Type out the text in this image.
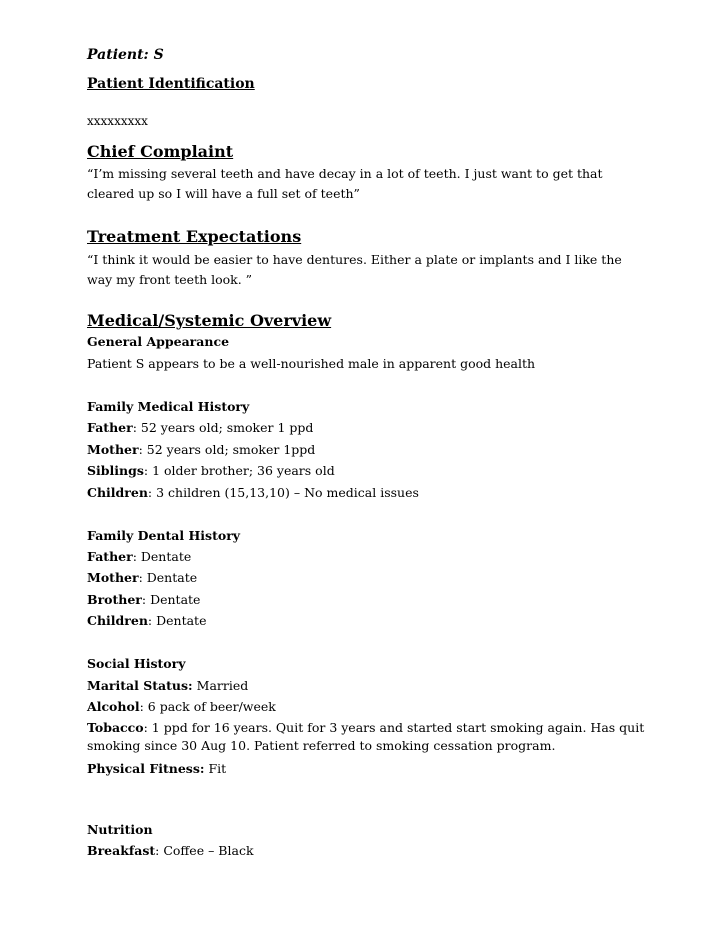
Patient: S
Patient Identification
xxxxxxxxx
Chief Complaint
“I’m missing several teeth and have decay in a lot of teeth. I just want to get that cleared up so I will have a full set of teeth”
Treatment Expectations
“I think it would be easier to have dentures. Either a plate or implants and I like the way my front teeth look. ”
Medical/Systemic Overview
General Appearance
Patient S appears to be a well-nourished male in apparent good health
Family Medical History
Father: 52 years old; smoker 1 ppd
Mother: 52 years old; smoker 1ppd
Siblings: 1 older brother; 36 years old
Children: 3 children (15,13,10) – No medical issues
Family Dental History
Father: Dentate
Mother: Dentate
Brother: Dentate
Children: Dentate
Social History
Marital Status: Married
Alcohol: 6 pack of beer/week
Tobacco: 1 ppd for 16 years. Quit for 3 years and started start smoking again. Has quit smoking since 30 Aug 10. Patient referred to smoking cessation program.
Physical Fitness: Fit
Nutrition
Breakfast: Coffee – Black
